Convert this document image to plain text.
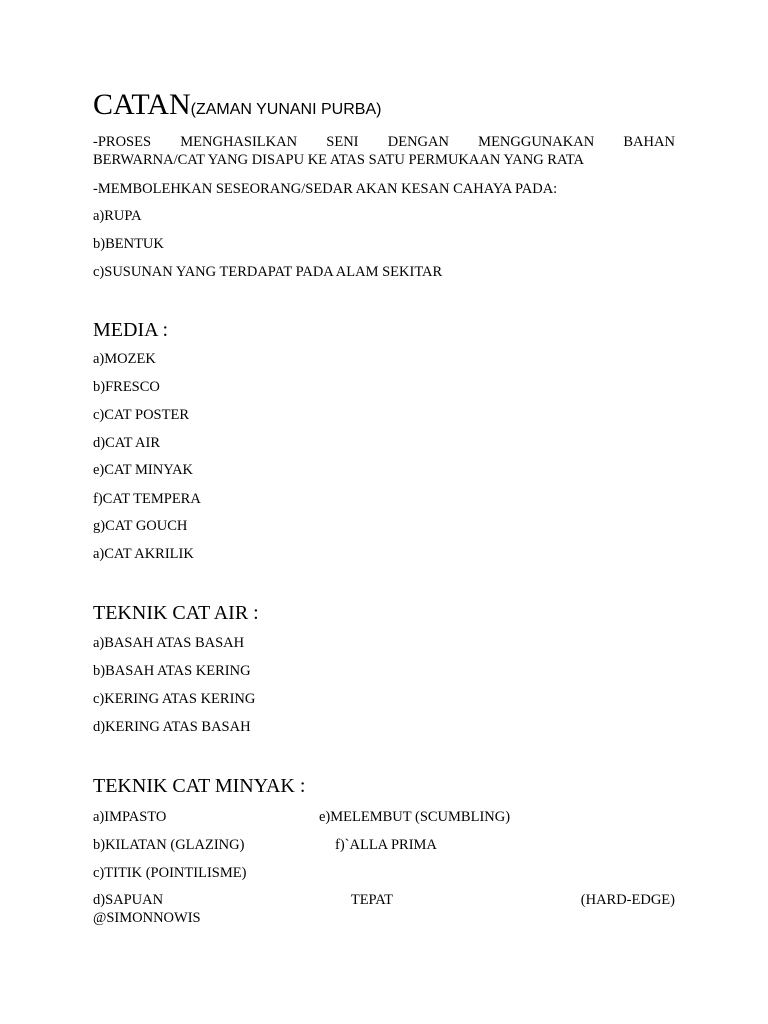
CATAN(ZAMAN YUNANI PURBA)
-PROSES MENGHASILKAN SENI DENGAN MENGGUNAKAN BAHAN
BERWARNA/CAT YANG DISAPU KE ATAS SATU PERMUKAAN YANG RATA
-MEMBOLEHKAN SESEORANG/SEDAR AKAN KESAN CAHAYA PADA:
a)RUPA
b)BENTUK
c)SUSUNAN YANG TERDAPAT PADA ALAM SEKITAR
MEDIA :
a)MOZEK
b)FRESCO
c)CAT POSTER
d)CAT AIR
e)CAT MINYAK
f)CAT TEMPERA
g)CAT GOUCH
a)CAT AKRILIK
TEKNIK CAT AIR :
a)BASAH ATAS BASAH
b)BASAH ATAS KERING
c)KERING ATAS KERING
d)KERING ATAS BASAH
TEKNIK CAT MINYAK :
a)IMPASTO	e)MELEMBUT (SCUMBLING)
b)KILATAN (GLAZING)	f)`ALLA PRIMA
c)TITIK (POINTILISME)
d)SAPUAN	TEPAT	(HARD-EDGE)
@SIMONNOWIS
